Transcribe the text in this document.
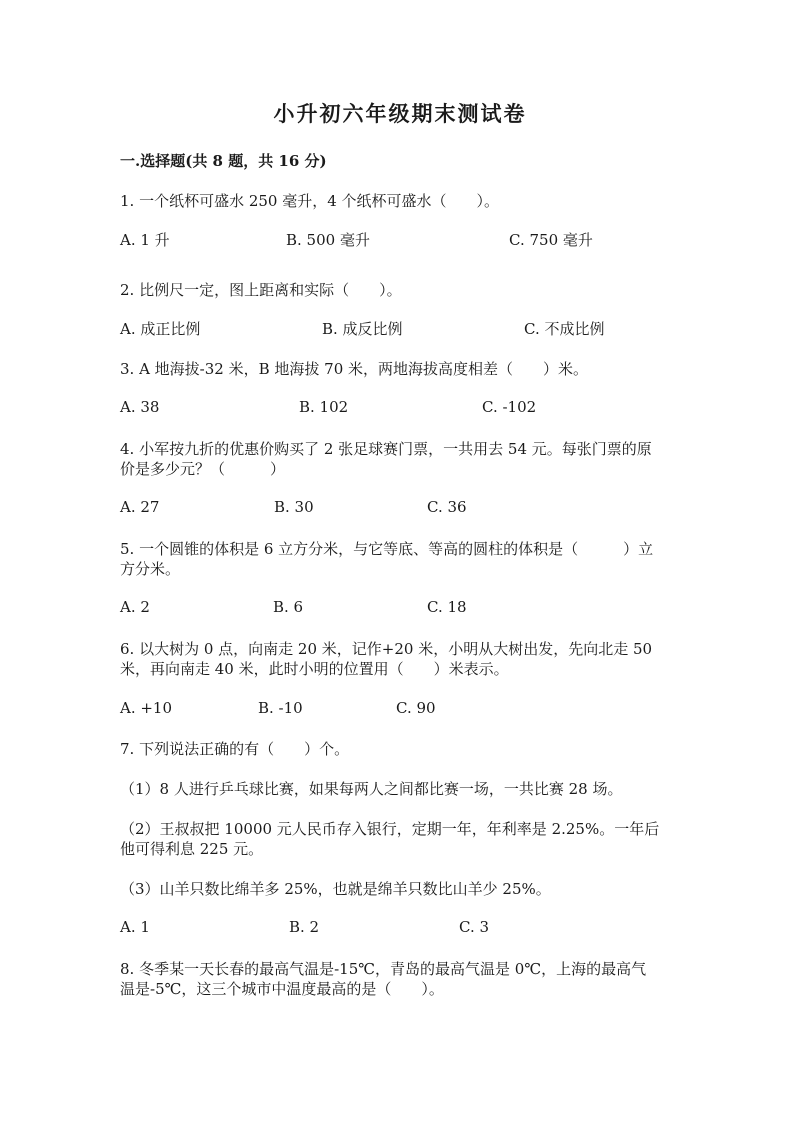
小升初六年级期末测试卷
一.选择题(共 8 题，共 16 分)
1. 一个纸杯可盛水 250 毫升，4 个纸杯可盛水（　　）。
A. 1 升	B. 500 毫升	C. 750 毫升
2. 比例尺一定，图上距离和实际（　　）。
A. 成正比例	B. 成反比例	C. 不成比例
3. A 地海拔-32 米，B 地海拔 70 米，两地海拔高度相差（　　）米。
A. 38	B. 102	C. -102
4. 小军按九折的优惠价购买了 2 张足球赛门票，一共用去 54 元。每张门票的原
价是多少元？（　　　）
A. 27	B. 30	C. 36
5. 一个圆锥的体积是 6 立方分米，与它等底、等高的圆柱的体积是（　　　）立
方分米。
A. 2	B. 6	C. 18
6. 以大树为 0 点，向南走 20 米，记作+20 米，小明从大树出发，先向北走 50
米，再向南走 40 米，此时小明的位置用（　　）米表示。
A. +10	B. -10	C. 90
7. 下列说法正确的有（　　）个。
（1）8 人进行乒乓球比赛，如果每两人之间都比赛一场，一共比赛 28 场。
（2）王叔叔把 10000 元人民币存入银行，定期一年，年利率是 2.25%。一年后
他可得利息 225 元。
（3）山羊只数比绵羊多 25%，也就是绵羊只数比山羊少 25%。
A. 1	B. 2	C. 3
8. 冬季某一天长春的最高气温是-15℃，青岛的最高气温是 0℃，上海的最高气
温是-5℃，这三个城市中温度最高的是（　　）。
